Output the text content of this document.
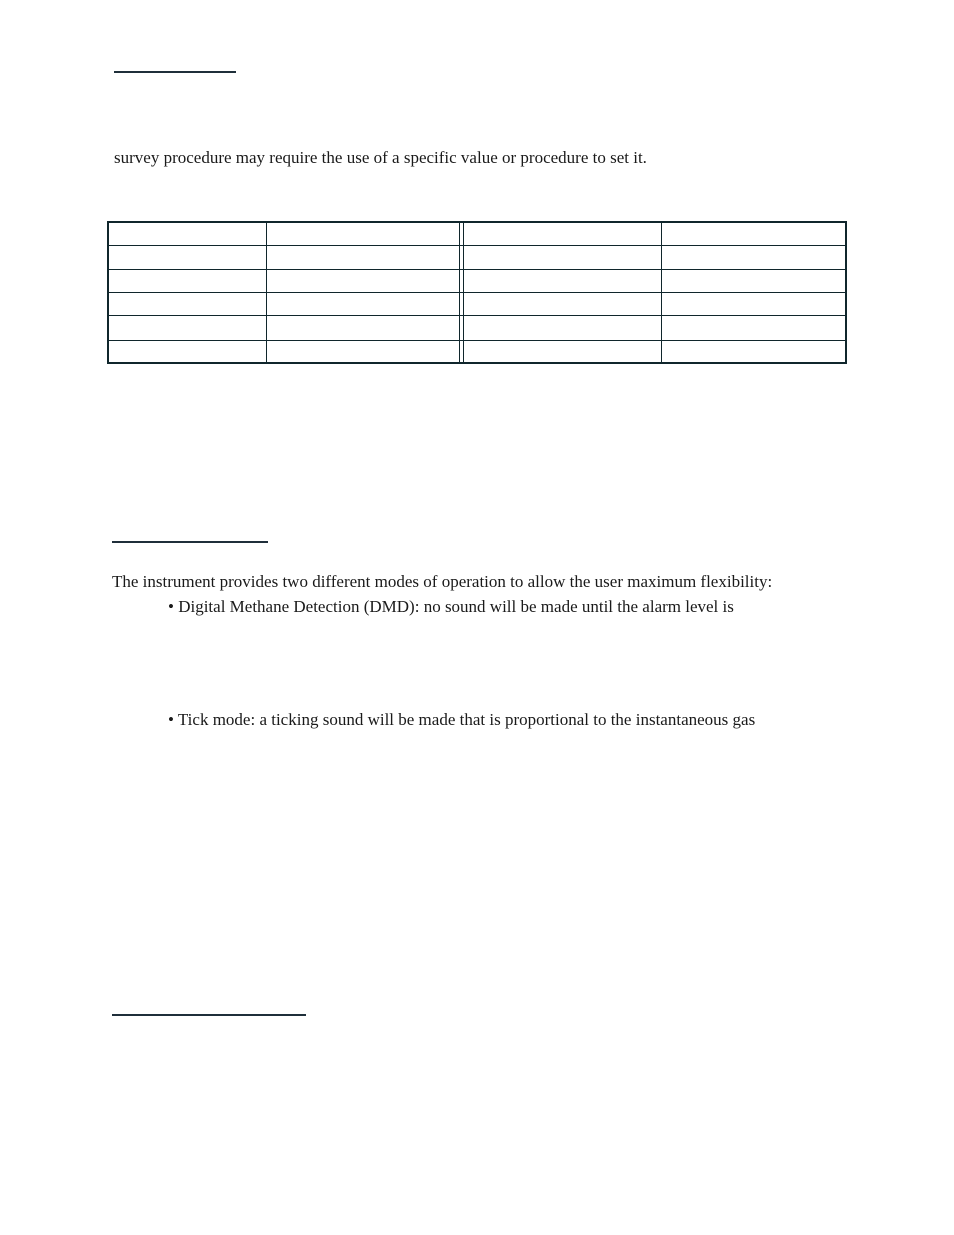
survey procedure may require the use of a specific value or procedure to set it.
The instrument provides two different modes of operation to allow the user maximum flexibility:
• Digital Methane Detection (DMD): no sound will be made until the alarm level is
• Tick mode: a ticking sound will be made that is proportional to the instantaneous gas
